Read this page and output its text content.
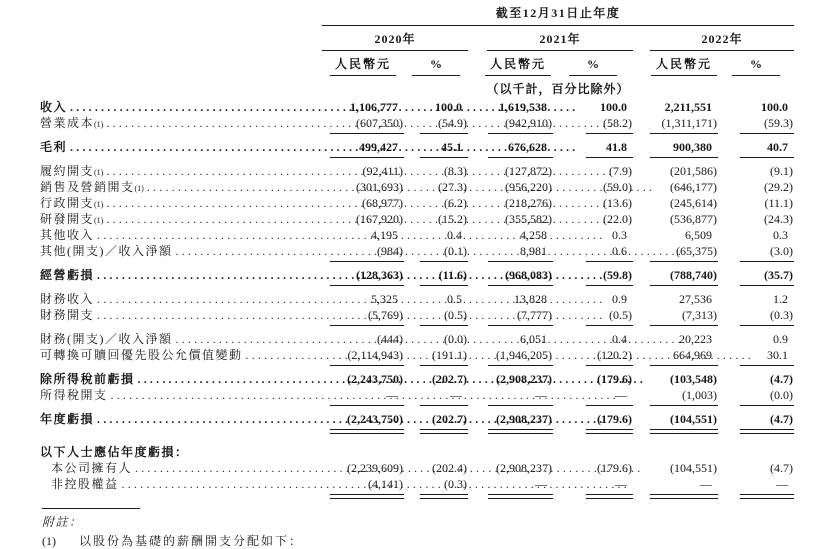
截至12月31日止年度
2020年	2021年	2022年
人民幣元	%	人民幣元	%	人民幣元	%
（以千計，百分比除外）
收入 .....	1,106,777	100.0	1,619,538	100.0	2,211,551	100.0
營業成本 (1) .....	(607,350)	(54.9)	(942,910)	(58.2)	(1,311,171)	(59.3)
毛利 .....	499,427	45.1	676,628	41.8	900,380	40.7
履約開支 (1) .....	(92,411)	(8.3)	(127,872)	(7.9)	(201,586)	(9.1)
銷售及營銷開支 (1) .....	(301,693)	(27.3)	(956,220)	(59.0)	(646,177)	(29.2)
行政開支 (1) .....	(68,977)	(6.2)	(218,276)	(13.6)	(245,614)	(11.1)
研發開支 (1) .....	(167,920)	(15.2)	(355,582)	(22.0)	(536,877)	(24.3)
其他收入 .....	4,195	0.4	4,258	0.3	6,509	0.3
其他(開支)／收入淨額 .....	(984)	(0.1)	8,981	0.6	(65,375)	(3.0)
經營虧損 .....	(128,363)	(11.6)	(968,083)	(59.8)	(788,740)	(35.7)
財務收入 .....	5,325	0.5	13,828	0.9	27,536	1.2
財務開支 .....	(5,769)	(0.5)	(7,777)	(0.5)	(7,313)	(0.3)
財務(開支)／收入淨額 .....	(444)	(0.0)	6,051	0.4	20,223	0.9
可轉換可贖回優先股公允價值變動 .....	(2,114,943)	(191.1)	(1,946,205)	(120.2)	664,969	30.1
除所得稅前虧損 .....	(2,243,750)	(202.7)	(2,908,237)	(179.6)	(103,548)	(4.7)
所得稅開支 .....	—	—	—	—	(1,003)	(0.0)
年度虧損 .....	(2,243,750)	(202.7)	(2,908,237)	(179.6)	(104,551)	(4.7)
以下人士應佔年度虧損：
本公司擁有人 .....	(2,239,609)	(202.4)	(2,908,237)	(179.6)	(104,551)	(4.7)
非控股權益 .....	(4,141)	(0.3)	—	—	—	—
附註：
(1)	以股份為基礎的薪酬開支分配如下：
